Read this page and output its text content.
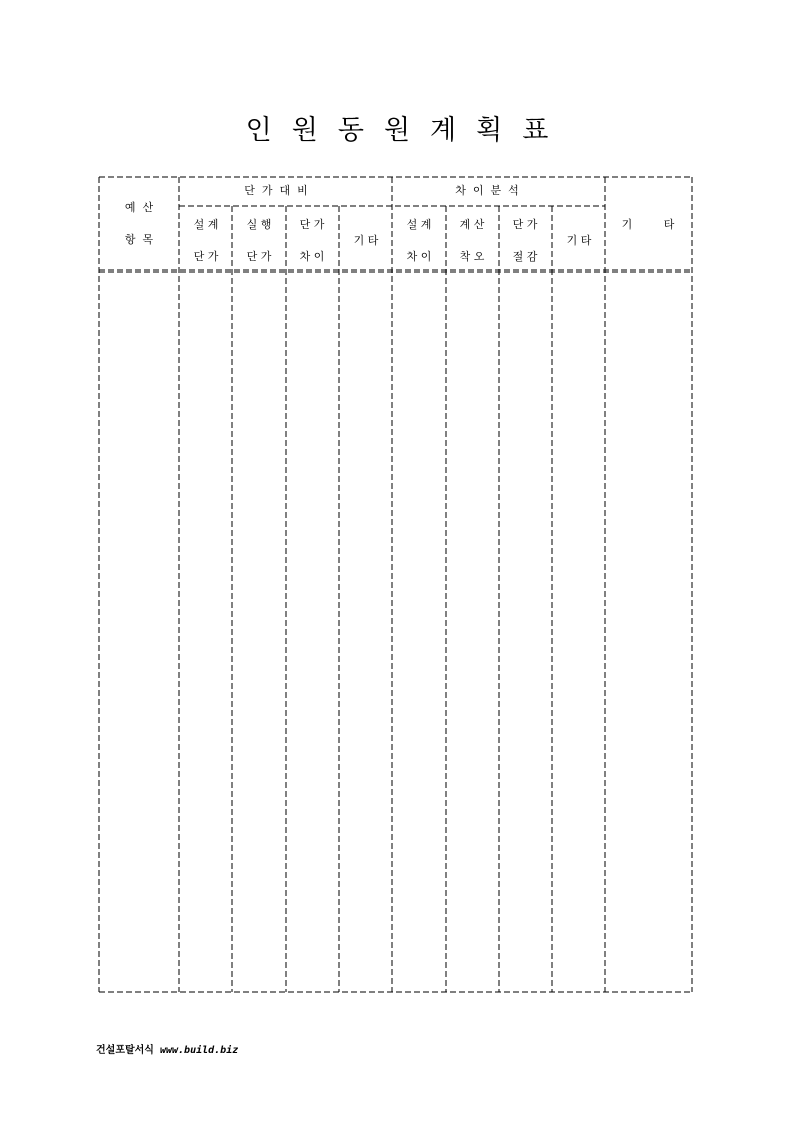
인 원 동 원 계 획 표
예  산
항  목
단  가  대  비	차  이  분  석
설 계
단 가
실 행
단 가
단 가
차 이
기 타
설 계
차 이
계 산
착 오
단 가
절 감
기 타
기         타
건설포탈서식 www.build.biz
